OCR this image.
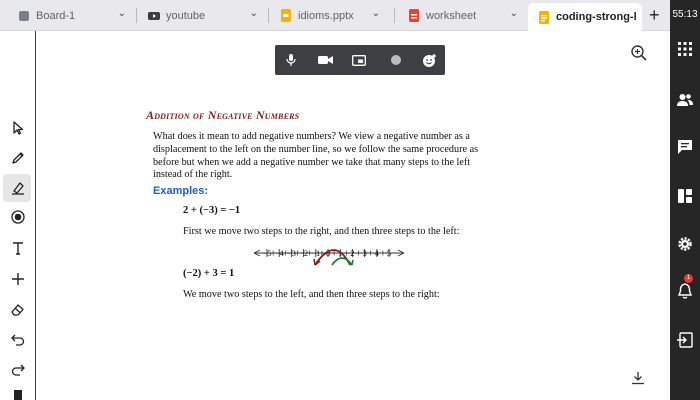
Board-1	⌄	youtube	⌄	idioms.pptx ⌄	worksheet	⌄	coding-strong-l +
Addition of Negative Numbers
What does it mean to add negative numbers? We view a negative number as a displacement to the left on the number line, so we follow the same procedure as before but when we add a negative number we take that many steps to the left instead of the right.
Examples:
2 + (−3) = −1
First we move two steps to the right, and then three steps to the left:
−5 −4 −3 −2 −1 0 1 2 3 4 5
(−2) + 3 = 1
We move two steps to the left, and then three steps to the right:
55:13
1
